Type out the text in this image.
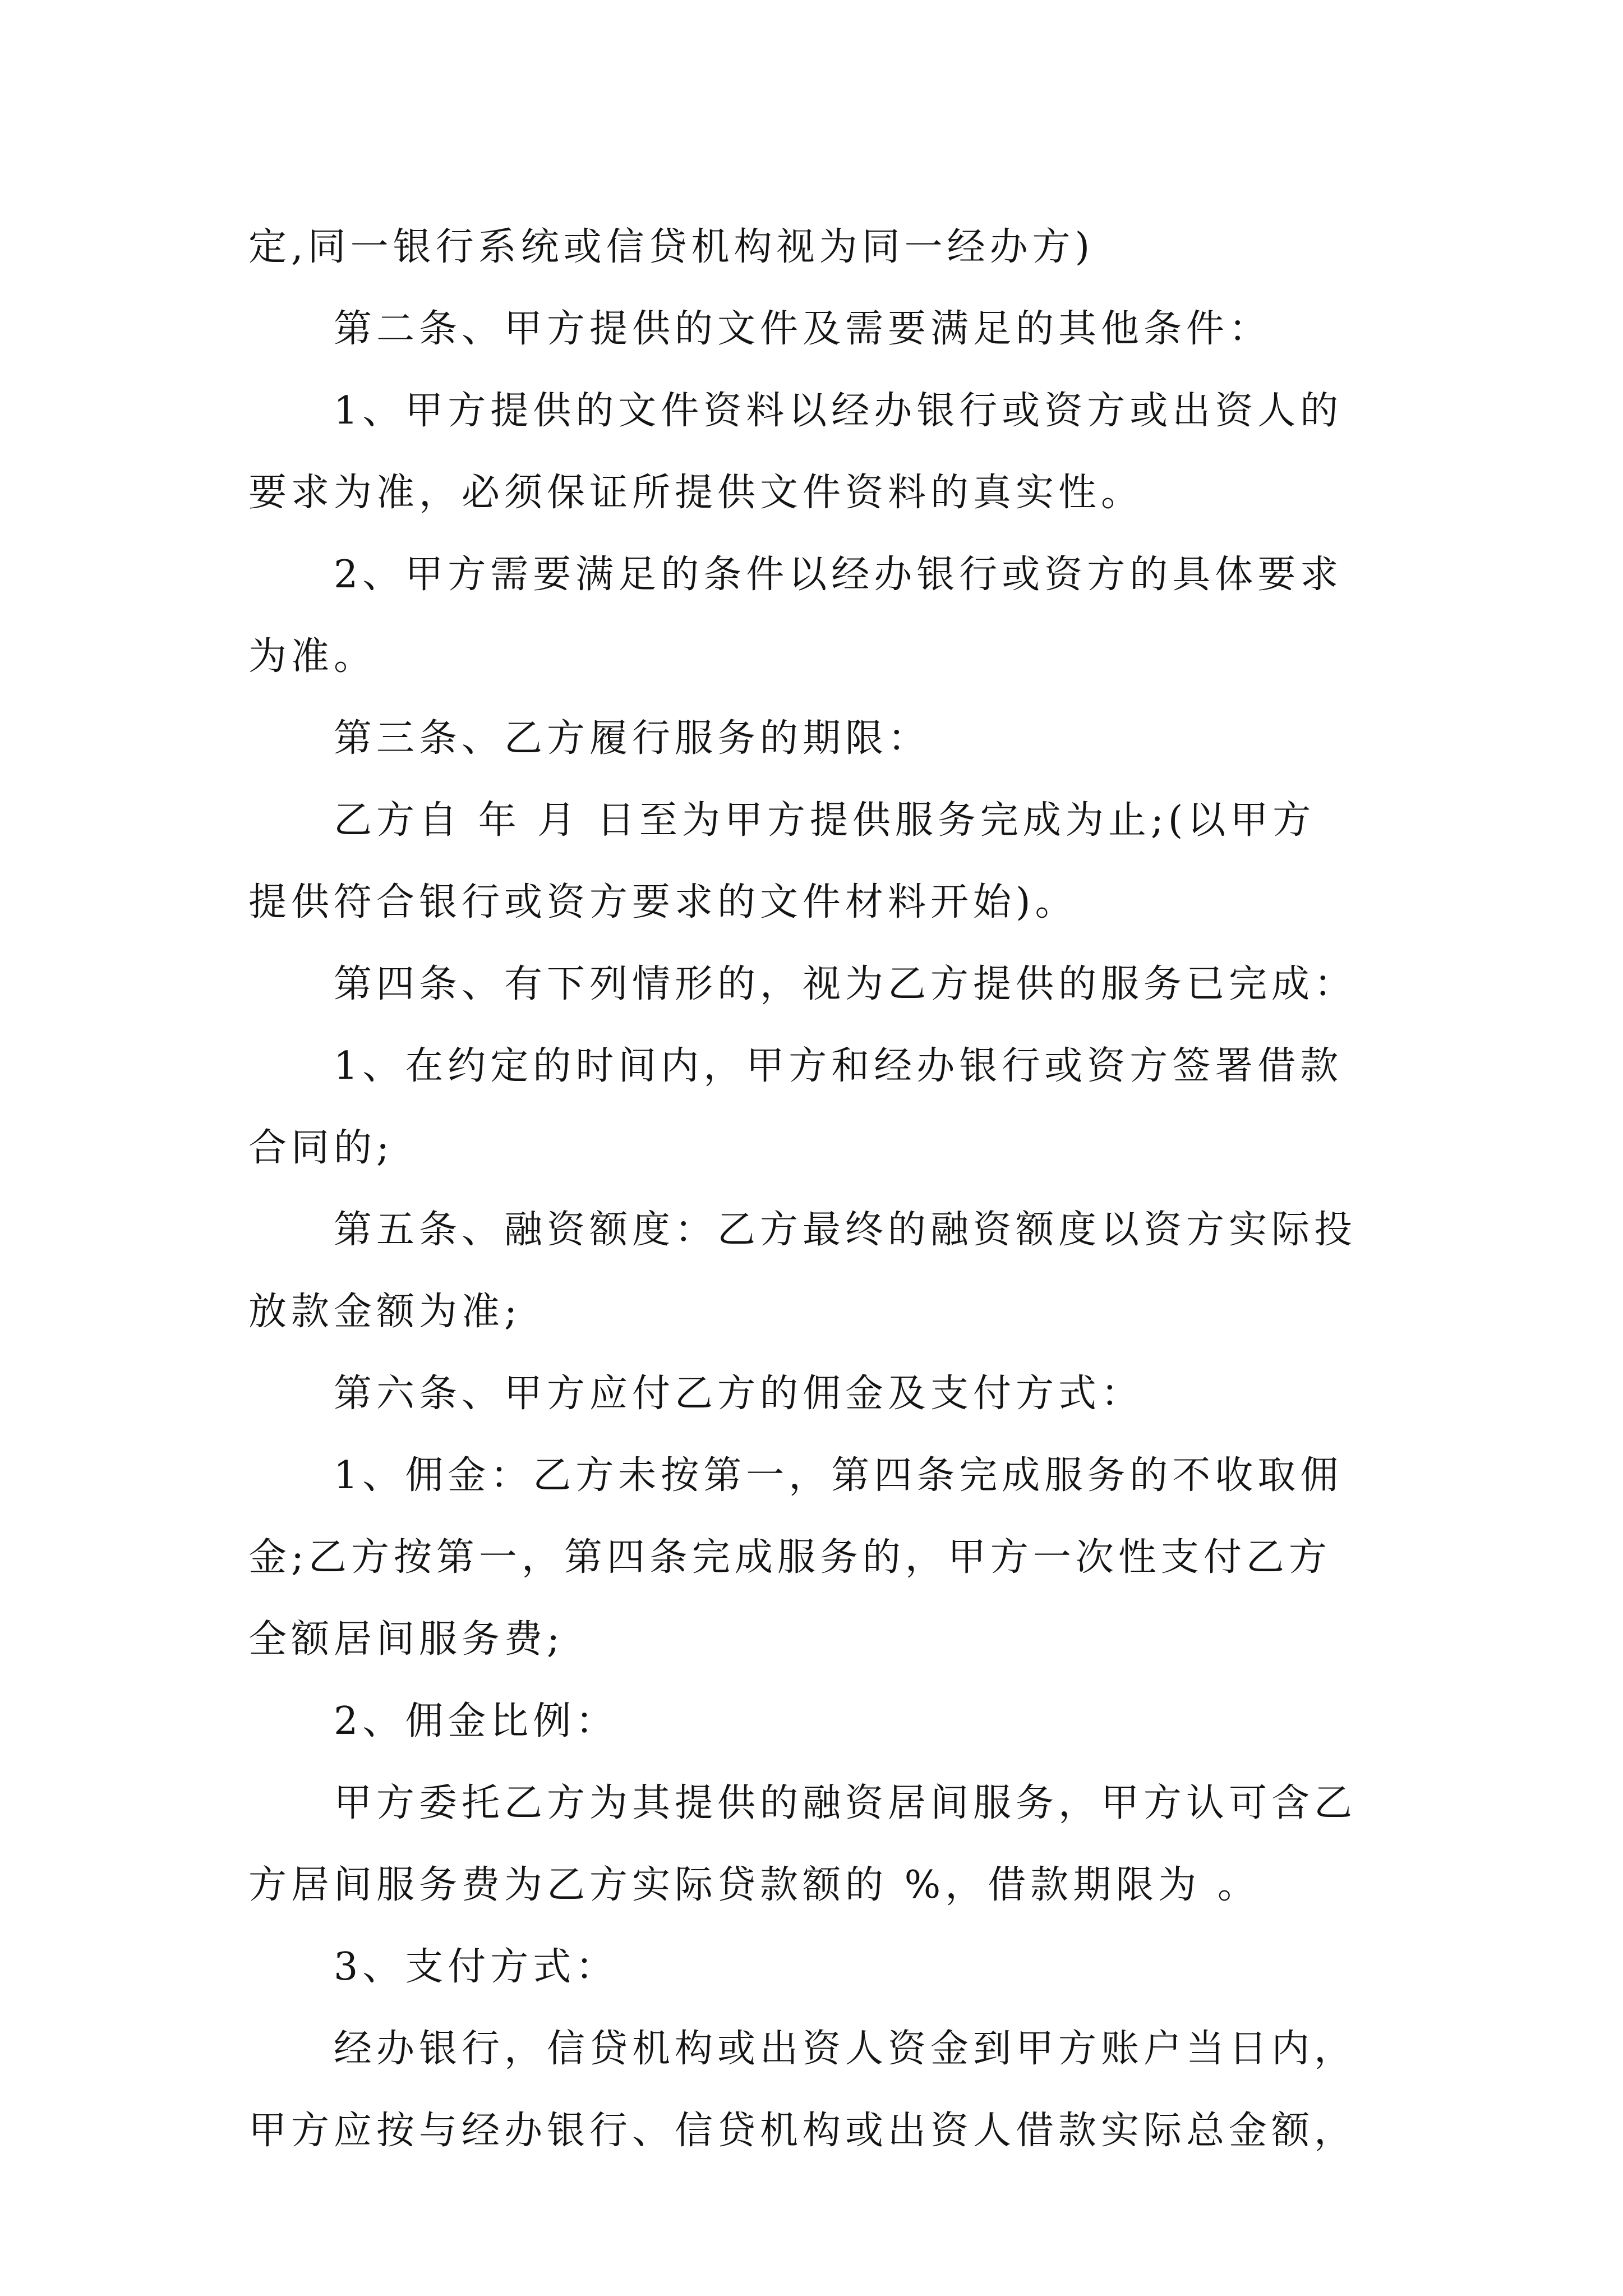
定,同一银行系统或信贷机构视为同一经办方)
第二条、甲方提供的文件及需要满足的其他条件：
1、甲方提供的文件资料以经办银行或资方或出资人的
要求为准，必须保证所提供文件资料的真实性。
2、甲方需要满足的条件以经办银行或资方的具体要求
为准。
第三条、乙方履行服务的期限：
乙方自 年 月 日至为甲方提供服务完成为止;(以甲方
提供符合银行或资方要求的文件材料开始)。
第四条、有下列情形的，视为乙方提供的服务已完成：
1、在约定的时间内，甲方和经办银行或资方签署借款
合同的;
第五条、融资额度：乙方最终的融资额度以资方实际投
放款金额为准;
第六条、甲方应付乙方的佣金及支付方式：
1、佣金：乙方未按第一，第四条完成服务的不收取佣
金;乙方按第一，第四条完成服务的，甲方一次性支付乙方
全额居间服务费;
2、佣金比例：
甲方委托乙方为其提供的融资居间服务，甲方认可含乙
方居间服务费为乙方实际贷款额的 %，借款期限为 。
3、支付方式：
经办银行，信贷机构或出资人资金到甲方账户当日内，
甲方应按与经办银行、信贷机构或出资人借款实际总金额，
